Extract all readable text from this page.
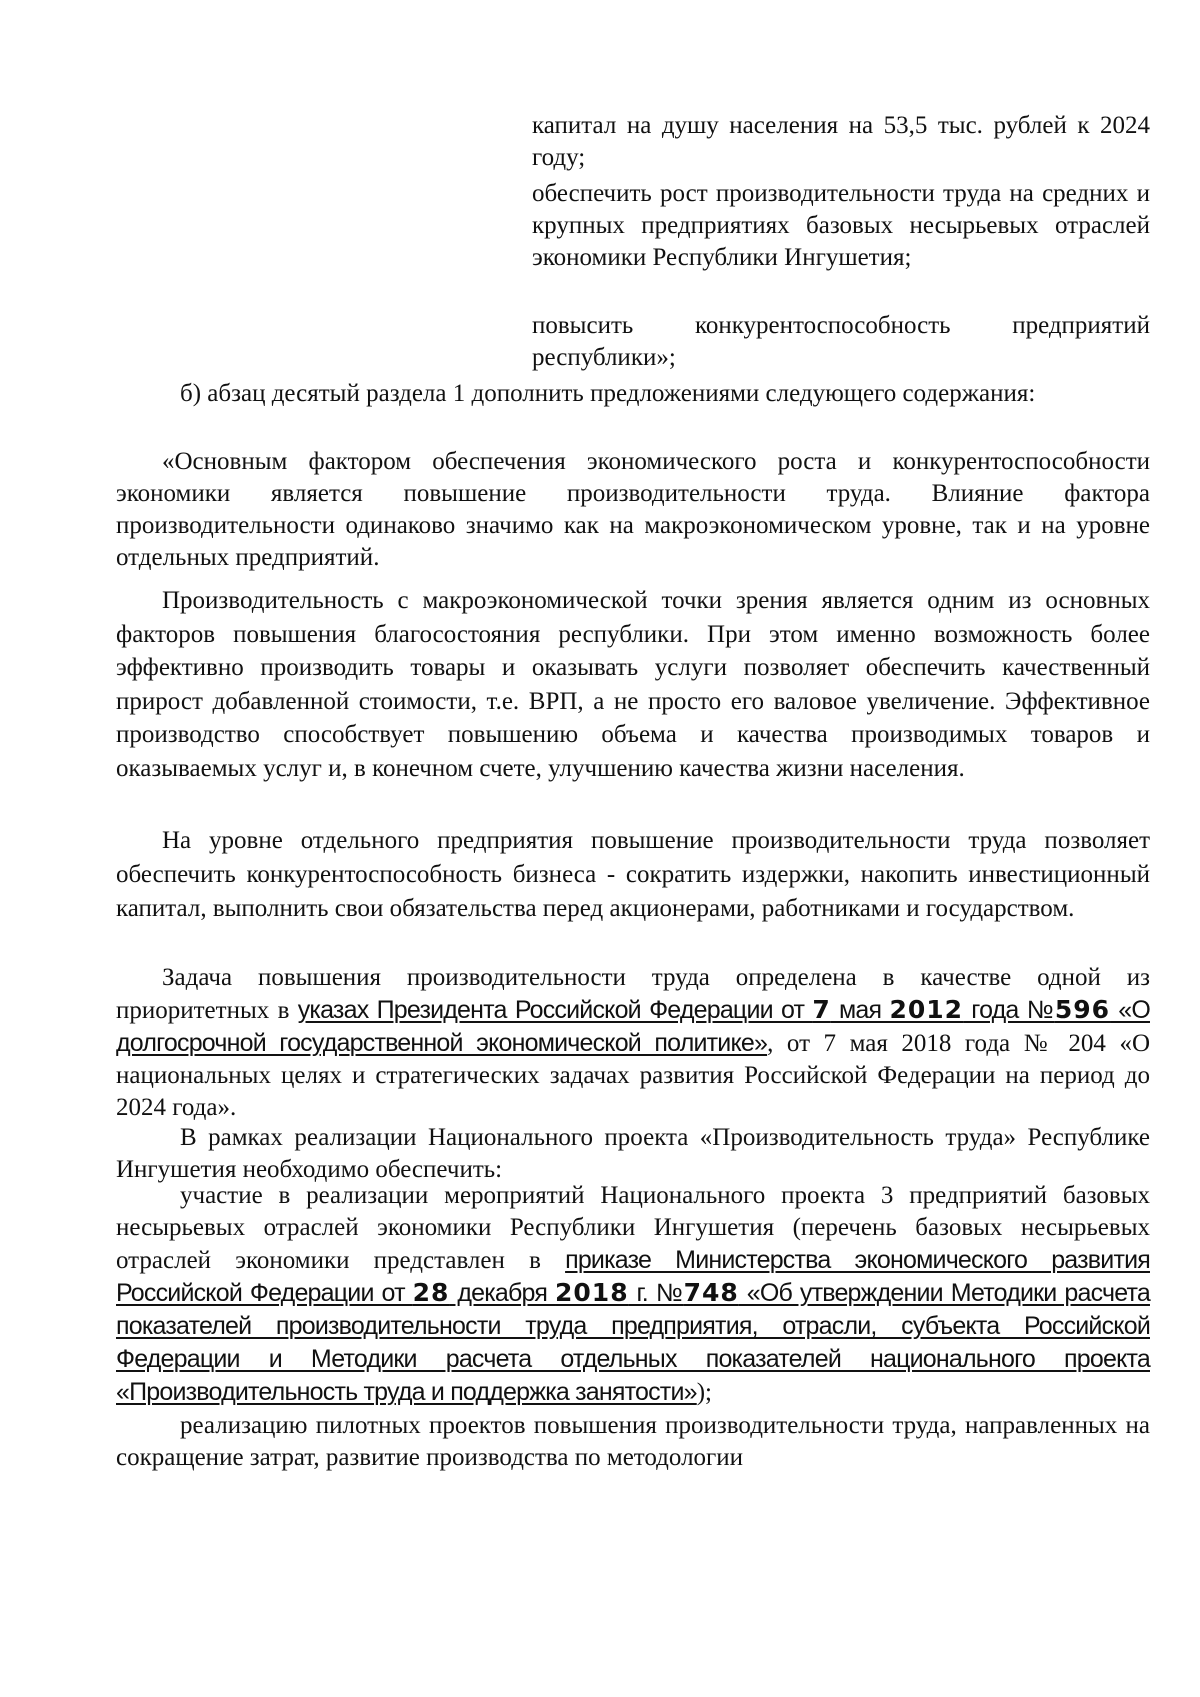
капитал на душу населения на 53,5 тыс. рублей к 2024 году;

обеспечить рост производительности труда на средних и крупных предприятиях базовых несырьевых отраслей экономики Республики Ингушетия;

повысить конкурентоспособность предприятий республики»;

б) абзац десятый раздела 1 дополнить предложениями следующего содержания:

«Основным фактором обеспечения экономического роста и конкурентоспособности экономики является повышение производительности труда. Влияние фактора производительности одинаково значимо как на макроэкономическом уровне, так и на уровне отдельных предприятий.

Производительность с макроэкономической точки зрения является одним из основных факторов повышения благосостояния республики. При этом именно возможность более эффективно производить товары и оказывать услуги позволяет обеспечить качественный прирост добавленной стоимости, т.е. ВРП, а не просто его валовое увеличение. Эффективное производство способствует повышению объема и качества производимых товаров и оказываемых услуг и, в конечном счете, улучшению качества жизни населения.

На уровне отдельного предприятия повышение производительности труда позволяет обеспечить конкурентоспособность бизнеса - сократить издержки, накопить инвестиционный капитал, выполнить свои обязательства перед акционерами, работниками и государством.

Задача повышения производительности труда определена в качестве одной из приоритетных в указах Президента Российской Федерации от 7 мая 2012 года №596 «О долгосрочной государственной экономической политике», от 7 мая 2018 года № 204 «О национальных целях и стратегических задачах развития Российской Федерации на период до 2024 года».

В рамках реализации Национального проекта «Производительность труда» Республике Ингушетия необходимо обеспечить:

участие в реализации мероприятий Национального проекта 3 предприятий базовых несырьевых отраслей экономики Республики Ингушетия (перечень базовых несырьевых отраслей экономики представлен в приказе Министерства экономического развития Российской Федерации от 28 декабря 2018 г. №748 «Об утверждении Методики расчета показателей производительности труда предприятия, отрасли, субъекта Российской Федерации и Методики расчета отдельных показателей национального проекта «Производительность труда и поддержка занятости»);

реализацию пилотных проектов повышения производительности труда, направленных на сокращение затрат, развитие производства по методологии
